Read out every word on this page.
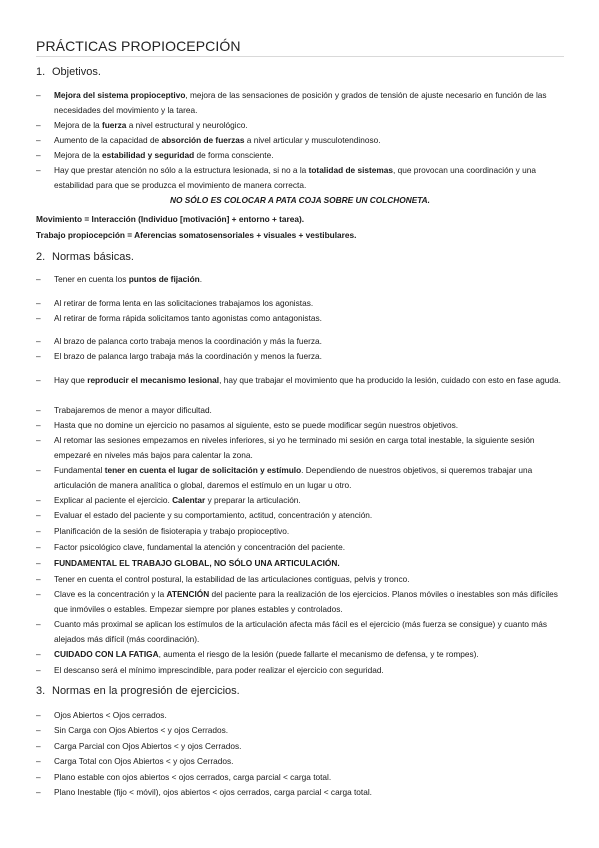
PRÁCTICAS PROPIOCEPCIÓN
1. Objetivos.
– Mejora del sistema propioceptivo, mejora de las sensaciones de posición y grados de tensión de ajuste necesario en función de las necesidades del movimiento y la tarea.
– Mejora de la fuerza a nivel estructural y neurológico.
– Aumento de la capacidad de absorción de fuerzas a nivel articular y musculotendinoso.
– Mejora de la estabilidad y seguridad de forma consciente.
– Hay que prestar atención no sólo a la estructura lesionada, si no a la totalidad de sistemas, que provocan una coordinación y una estabilidad para que se produzca el movimiento de manera correcta.
NO SÓLO ES COLOCAR A PATA COJA SOBRE UN COLCHONETA.
Movimiento = Interacción (Individuo [motivación] + entorno + tarea).
Trabajo propiocepción = Aferencias somatosensoriales + visuales + vestibulares.
2. Normas básicas.
– Tener en cuenta los puntos de fijación.
– Al retirar de forma lenta en las solicitaciones trabajamos los agonistas.
– Al retirar de forma rápida solicitamos tanto agonistas como antagonistas.
– Al brazo de palanca corto trabaja menos la coordinación y más la fuerza.
– El brazo de palanca largo trabaja más la coordinación y menos la fuerza.
– Hay que reproducir el mecanismo lesional, hay que trabajar el movimiento que ha producido la lesión, cuidado con esto en fase aguda.
– Trabajaremos de menor a mayor dificultad.
– Hasta que no domine un ejercicio no pasamos al siguiente, esto se puede modificar según nuestros objetivos.
– Al retomar las sesiones empezamos en niveles inferiores, si yo he terminado mi sesión en carga total inestable, la siguiente sesión empezaré en niveles más bajos para calentar la zona.
– Fundamental tener en cuenta el lugar de solicitación y estímulo. Dependiendo de nuestros objetivos, si queremos trabajar una articulación de manera analítica o global, daremos el estímulo en un lugar u otro.
– Explicar al paciente el ejercicio. Calentar y preparar la articulación.
– Evaluar el estado del paciente y su comportamiento, actitud, concentración y atención.
– Planificación de la sesión de fisioterapia y trabajo propioceptivo.
– Factor psicológico clave, fundamental la atención y concentración del paciente.
– FUNDAMENTAL EL TRABAJO GLOBAL, NO SÓLO UNA ARTICULACIÓN.
– Tener en cuenta el control postural, la estabilidad de las articulaciones contiguas, pelvis y tronco.
– Clave es la concentración y la ATENCIÓN del paciente para la realización de los ejercicios. Planos móviles o inestables son más difíciles que inmóviles o estables. Empezar siempre por planes estables y controlados.
– Cuanto más proximal se aplican los estímulos de la articulación afecta más fácil es el ejercicio (más fuerza se consigue) y cuanto más alejados más difícil (más coordinación).
– CUIDADO CON LA FATIGA, aumenta el riesgo de la lesión (puede fallarte el mecanismo de defensa, y te rompes).
– El descanso será el mínimo imprescindible, para poder realizar el ejercicio con seguridad.
3. Normas en la progresión de ejercicios.
– Ojos Abiertos < Ojos cerrados.
– Sin Carga con Ojos Abiertos < y ojos Cerrados.
– Carga Parcial con Ojos Abiertos < y ojos Cerrados.
– Carga Total con Ojos Abiertos < y ojos Cerrados.
– Plano estable con ojos abiertos < ojos cerrados, carga parcial < carga total.
– Plano Inestable (fijo < móvil), ojos abiertos < ojos cerrados, carga parcial < carga total.
